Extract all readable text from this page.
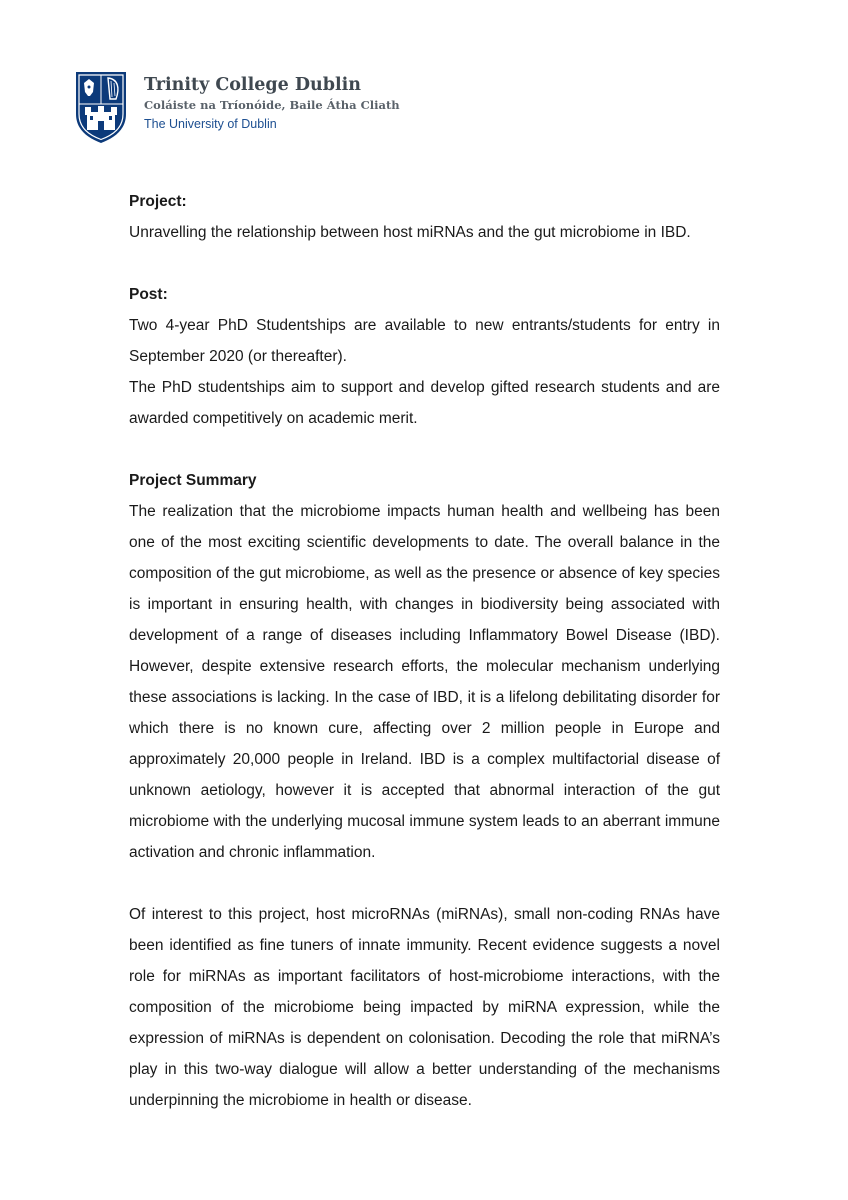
Trinity College Dublin
Coláiste na Tríonóide, Baile Átha Cliath
The University of Dublin

Project:

Unravelling the relationship between host miRNAs and the gut microbiome in IBD.

Post:

Two 4-year PhD Studentships are available to new entrants/students for entry in September 2020 (or thereafter).

The PhD studentships aim to support and develop gifted research students and are awarded competitively on academic merit.

Project Summary

The realization that the microbiome impacts human health and wellbeing has been one of the most exciting scientific developments to date. The overall balance in the composition of the gut microbiome, as well as the presence or absence of key species is important in ensuring health, with changes in biodiversity being associated with development of a range of diseases including Inflammatory Bowel Disease (IBD). However, despite extensive research efforts, the molecular mechanism underlying these associations is lacking. In the case of IBD, it is a lifelong debilitating disorder for which there is no known cure, affecting over 2 million people in Europe and approximately 20,000 people in Ireland. IBD is a complex multifactorial disease of unknown aetiology, however it is accepted that abnormal interaction of the gut microbiome with the underlying mucosal immune system leads to an aberrant immune activation and chronic inflammation.

Of interest to this project, host microRNAs (miRNAs), small non-coding RNAs have been identified as fine tuners of innate immunity. Recent evidence suggests a novel role for miRNAs as important facilitators of host-microbiome interactions, with the composition of the microbiome being impacted by miRNA expression, while the expression of miRNAs is dependent on colonisation. Decoding the role that miRNA’s play in this two-way dialogue will allow a better understanding of the mechanisms underpinning the microbiome in health or disease.
